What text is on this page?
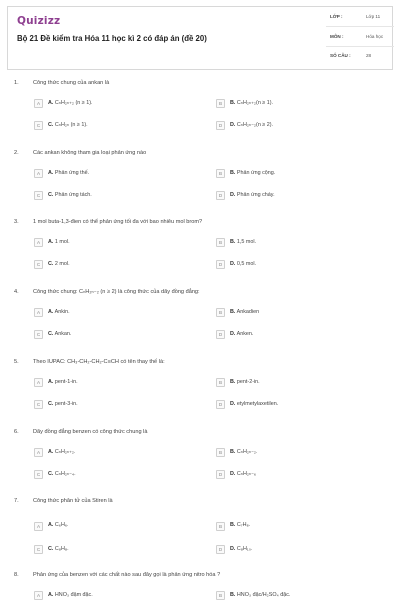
Quizizz
Bộ 21 Đề kiểm tra Hóa 11 học kì 2 có đáp án (đề 20)
LỚP :	Lớp 11
MÔN :	Hóa học
SỐ CÂU :	28
1.	Công thức chung của ankan là
A	A. CₙH₂ₙ₊₂ (n ≥ 1).	B	B. CₙH₂ₙ₊₂(n ≥ 1).
C	C. CₙH₂ₙ (n ≥ 1).	D	D. CₙH₂ₙ₋₂(n ≥ 2).
2.	Các ankan không tham gia loại phản ứng nào
A	A. Phản ứng thế.	B	B. Phản ứng cộng.
C	C. Phản ứng tách.	D	D. Phản ứng cháy.
3.	1 mol buta-1,3-đien có thể phản ứng tối đa với bao nhiêu mol brom?
A	A. 1 mol.	B	B. 1,5 mol.
C	C. 2 mol.	D	D. 0,5 mol.
4.	Công thức chung: CₙH₂ₙ₋₂ (n ≥ 2) là công thức của dãy đồng đẳng:
A	A. Ankin.	B	B. Ankadien
C	C. Ankan.	D	D. Anken.
5.	Theo IUPAC: CH₃-CH₂-CH₂-C≡CH có tên thay thế là:
A	A. pent-1-in.	B	B. pent-2-in.
C	C. pent-3-in.	D	D. etylmetylaxetilen.
6.	Dãy đồng đẳng benzen có công thức chung là
A	A. CₙH₂ₙ₊₂.	B	B. CₙH₂ₙ₋₂.
C	C. CₙH₂ₙ₋₄.	D	D. CₙH₂ₙ₋₆
7.	Công thức phân tử của Stiren là
A	A. C₆H₆.	B	B. C₇H₈.
C	C. C₈H₈.	D	D. C₈H₁₀.
8.	Phản ứng của benzen với các chất nào sau đây gọi là phản ứng nitro hóa ?
A	A. HNO₃ đậm đặc.	B	B. HNO₃ đặc/H₂SO₄ đặc.
